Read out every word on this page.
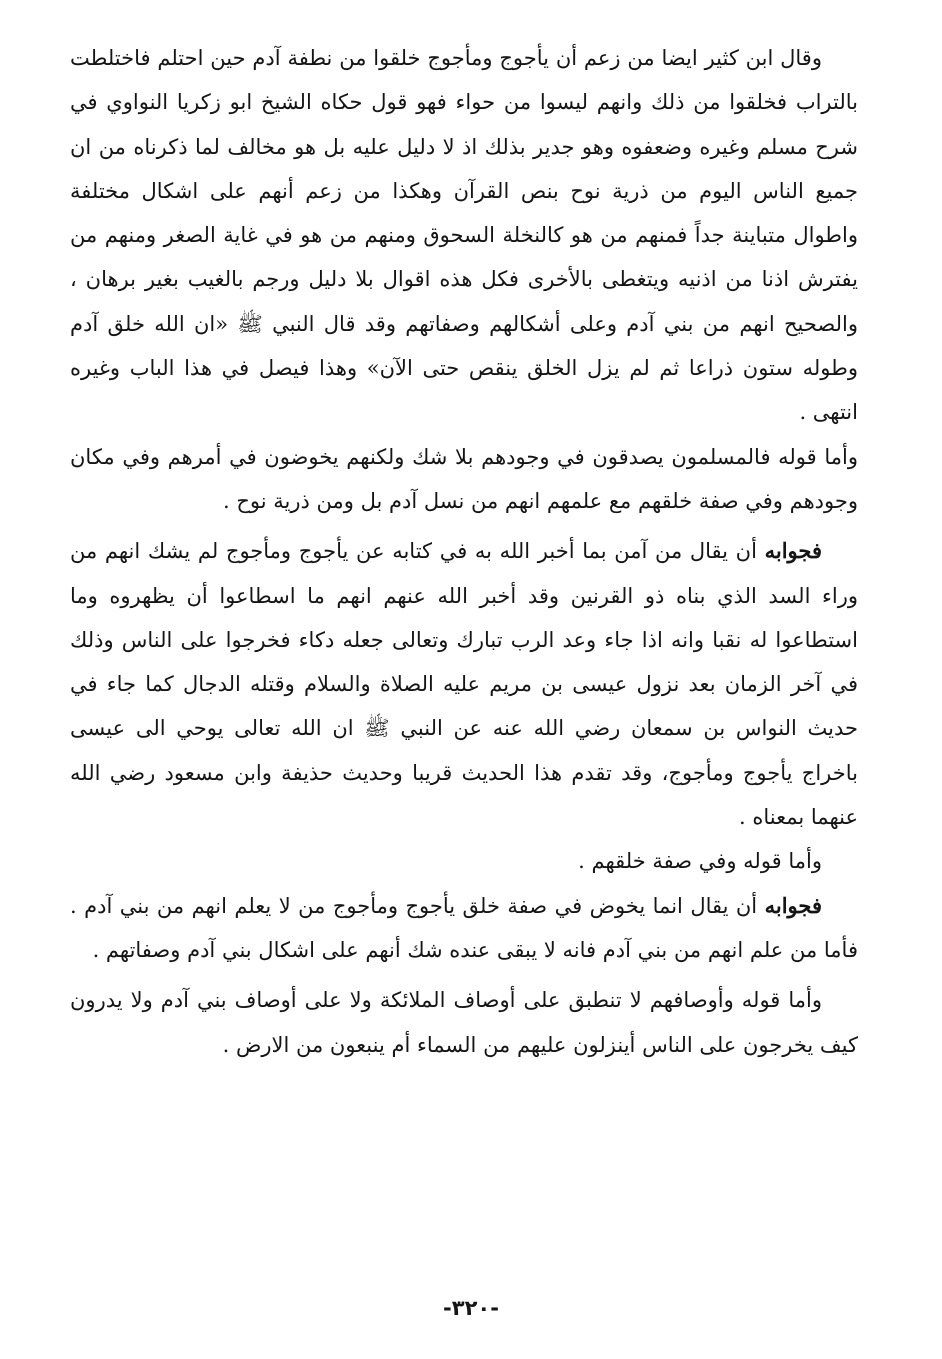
وقال ابن كثير ايضا من زعم أن يأجوج ومأجوج خلقوا من نطفة آدم حين احتلم فاختلطت بالتراب فخلقوا من ذلك وانهم ليسوا من حواء فهو قول حكاه الشيخ ابو زكريا النواوي في شرح مسلم وغيره وضعفوه وهو جدير بذلك اذ لا دليل عليه بل هو مخالف لما ذكرناه من ان جميع الناس اليوم من ذرية نوح بنص القرآن وهكذا من زعم أنهم على اشكال مختلفة واطوال متباينة جداً فمنهم من هو كالنخلة السحوق ومنهم من هو في غاية الصغر ومنهم من يفترش اذنا من اذنيه ويتغطى بالأخرى فكل هذه اقوال بلا دليل ورجم بالغيب بغير برهان ، والصحيح انهم من بني آدم وعلى أشكالهم وصفاتهم وقد قال النبي ﷺ «ان الله خلق آدم وطوله ستون ذراعا ثم لم يزل الخلق ينقص حتى الآن» وهذا فيصل في هذا الباب وغيره انتهى .

وأما قوله فالمسلمون يصدقون في وجودهم بلا شك ولكنهم يخوضون في أمرهم وفي مكان وجودهم وفي صفة خلقهم مع علمهم انهم من نسل آدم بل ومن ذرية نوح .

فجوابه أن يقال من آمن بما أخبر الله به في كتابه عن يأجوج ومأجوج لم يشك انهم من وراء السد الذي بناه ذو القرنين وقد أخبر الله عنهم انهم ما اسطاعوا أن يظهروه وما استطاعوا له نقبا وانه اذا جاء وعد الرب تبارك وتعالى جعله دكاء فخرجوا على الناس وذلك في آخر الزمان بعد نزول عيسى بن مريم عليه الصلاة والسلام وقتله الدجال كما جاء في حديث النواس بن سمعان رضي الله عنه عن النبي ﷺ ان الله تعالى يوحي الى عيسى باخراج يأجوج ومأجوج، وقد تقدم هذا الحديث قريبا وحديث حذيفة وابن مسعود رضي الله عنهما بمعناه .

وأما قوله وفي صفة خلقهم .

فجوابه أن يقال انما يخوض في صفة خلق يأجوج ومأجوج من لا يعلم انهم من بني آدم . فأما من علم انهم من بني آدم فانه لا يبقى عنده شك أنهم على اشكال بني آدم وصفاتهم .

وأما قوله وأوصافهم لا تنطبق على أوصاف الملائكة ولا على أوصاف بني آدم ولا يدرون كيف يخرجون على الناس أينزلون عليهم من السماء أم ينبعون من الارض .

-٣٢٠-
